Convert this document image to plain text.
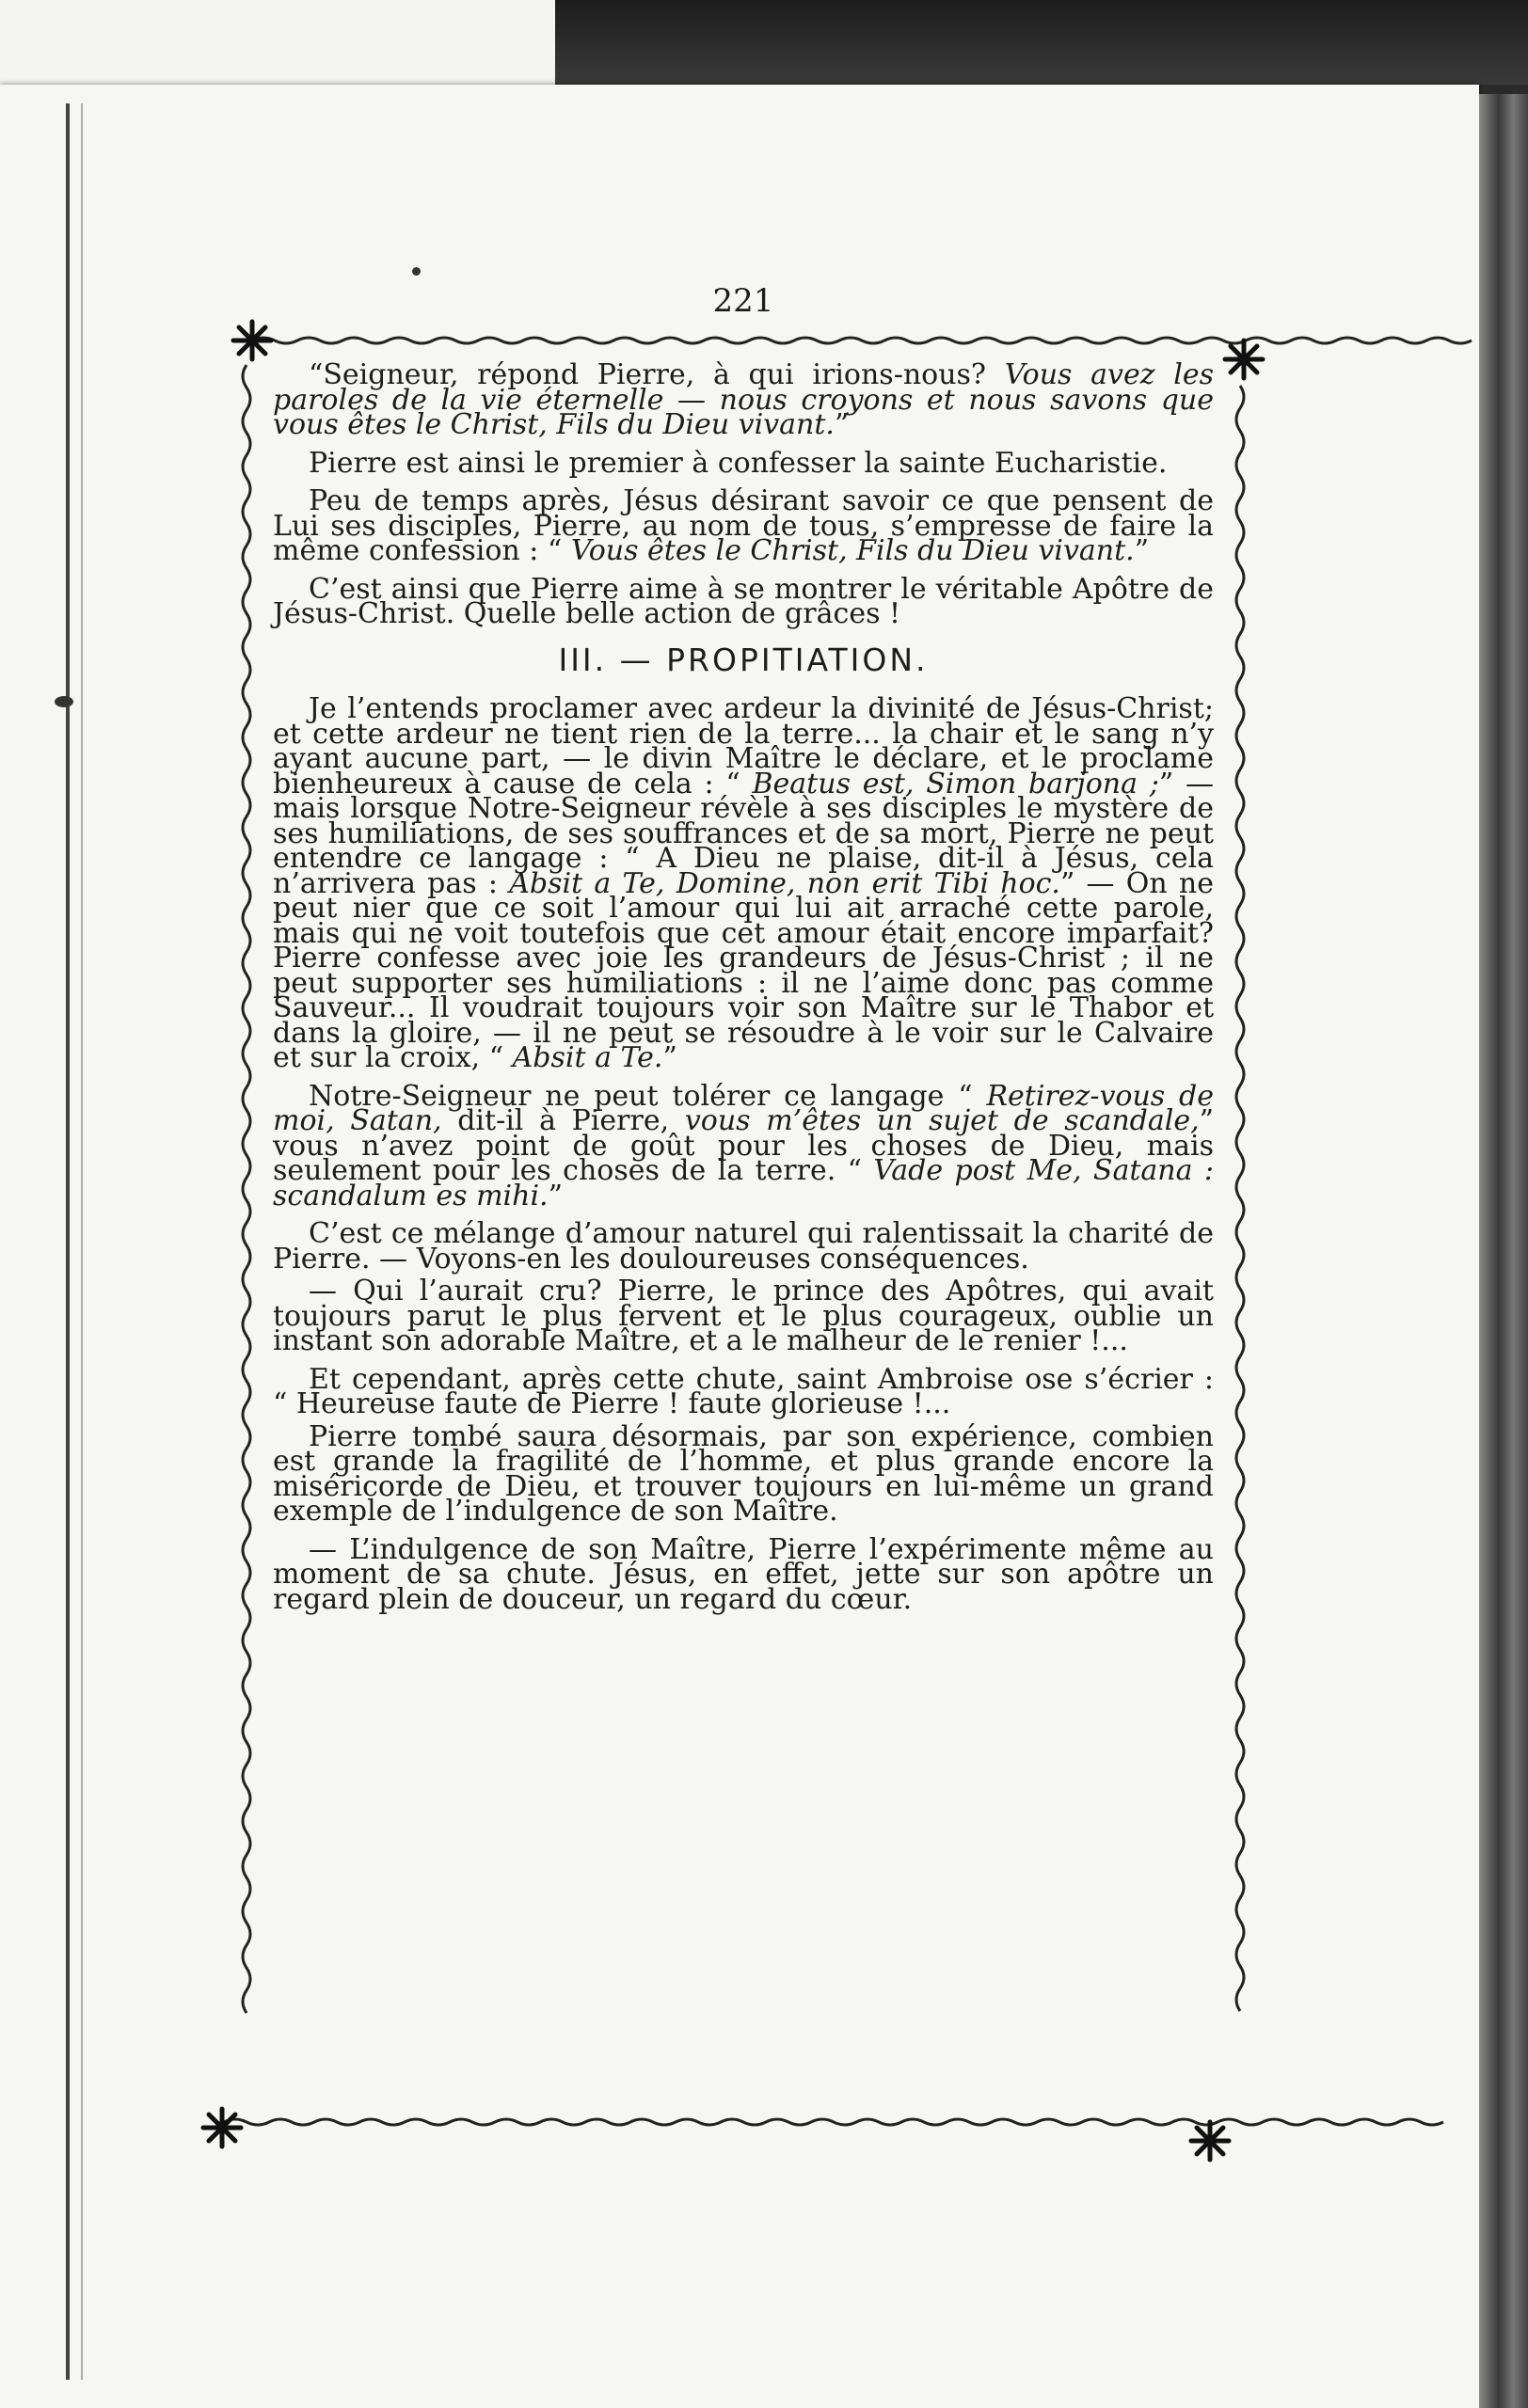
221

“Seigneur, répond Pierre, à qui irions-nous? Vous avez les paroles de la vie éternelle — nous croyons et nous savons que vous êtes le Christ, Fils du Dieu vivant.”

Pierre est ainsi le premier à confesser la sainte Eucharistie.

Peu de temps après, Jésus désirant savoir ce que pensent de Lui ses disciples, Pierre, au nom de tous, s’empresse de faire la même confession : “ Vous êtes le Christ, Fils du Dieu vivant.”

C’est ainsi que Pierre aime à se montrer le véritable Apôtre de Jésus-Christ. Quelle belle action de grâces !

III. — PROPITIATION.

Je l’entends proclamer avec ardeur la divinité de Jésus-Christ; et cette ardeur ne tient rien de la terre... la chair et le sang n’y ayant aucune part, — le divin Maître le déclare, et le proclame bienheureux à cause de cela : “ Beatus est, Simon barjona ;” — mais lorsque Notre-Seigneur révèle à ses disciples le mystère de ses humiliations, de ses souffrances et de sa mort, Pierre ne peut entendre ce langage : “ A Dieu ne plaise, dit-il à Jésus, cela n’arrivera pas : Absit a Te, Domine, non erit Tibi hoc.” — On ne peut nier que ce soit l’amour qui lui ait arraché cette parole, mais qui ne voit toutefois que cet amour était encore imparfait? Pierre confesse avec joie les grandeurs de Jésus-Christ ; il ne peut supporter ses humiliations : il ne l’aime donc pas comme Sauveur... Il voudrait toujours voir son Maître sur le Thabor et dans la gloire, — il ne peut se résoudre à le voir sur le Calvaire et sur la croix, “ Absit a Te.”

Notre-Seigneur ne peut tolérer ce langage “ Retirez-vous de moi, Satan, dit-il à Pierre, vous m’êtes un sujet de scandale,” vous n’avez point de goût pour les choses de Dieu, mais seulement pour les choses de la terre. “ Vade post Me, Satana : scandalum es mihi.”

C’est ce mélange d’amour naturel qui ralentissait la charité de Pierre. — Voyons-en les douloureuses conséquences.

— Qui l’aurait cru? Pierre, le prince des Apôtres, qui avait toujours parut le plus fervent et le plus courageux, oublie un instant son adorable Maître, et a le malheur de le renier !...

Et cependant, après cette chute, saint Ambroise ose s’écrier : “ Heureuse faute de Pierre ! faute glorieuse !...

Pierre tombé saura désormais, par son expérience, combien est grande la fragilité de l’homme, et plus grande encore la miséricorde de Dieu, et trouver toujours en lui-même un grand exemple de l’indulgence de son Maître.

— L’indulgence de son Maître, Pierre l’expérimente même au moment de sa chute. Jésus, en effet, jette sur son apôtre un regard plein de douceur, un regard du cœur.
